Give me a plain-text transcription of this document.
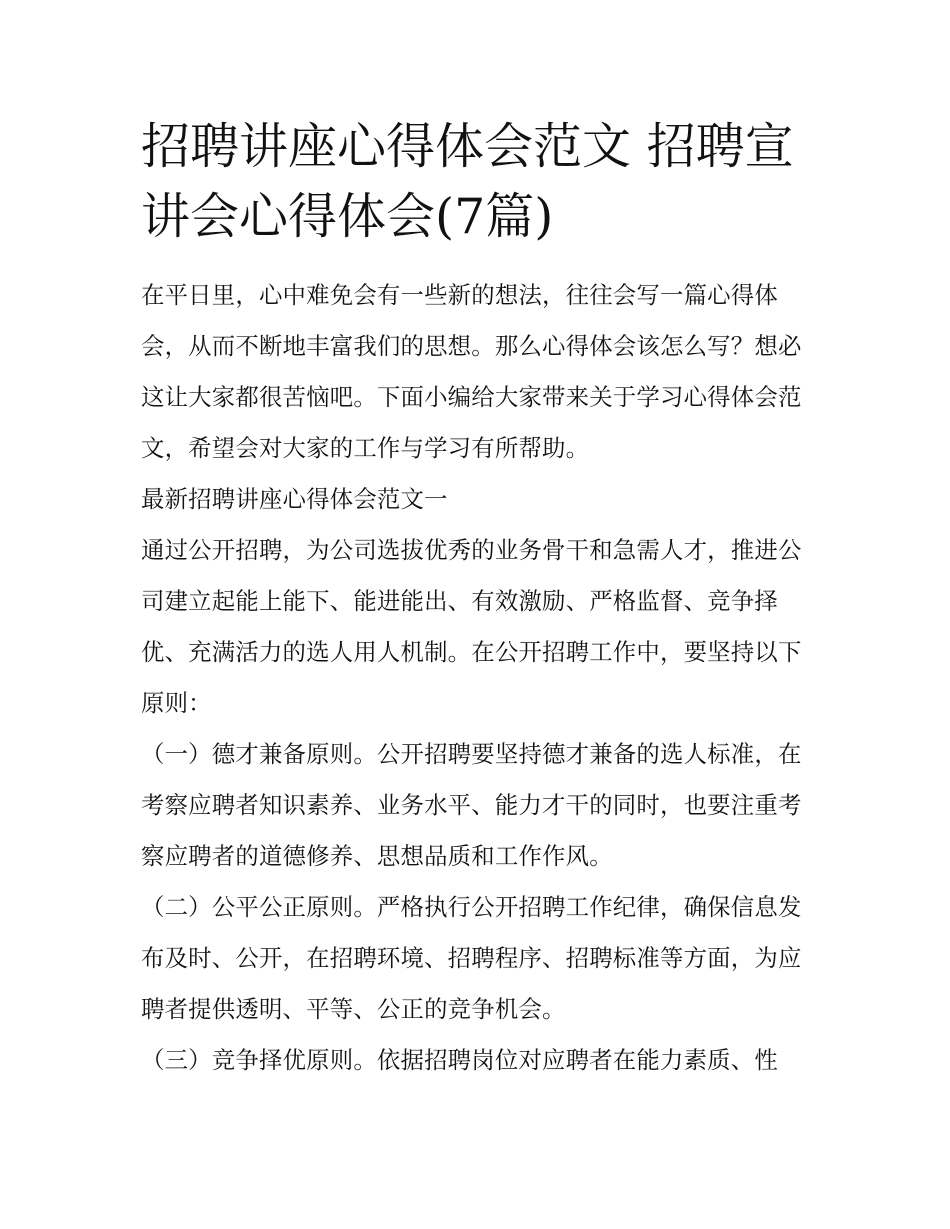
招聘讲座心得体会范文 招聘宣讲会心得体会(7篇)

在平日里，心中难免会有一些新的想法，往往会写一篇心得体会，从而不断地丰富我们的思想。那么心得体会该怎么写？想必这让大家都很苦恼吧。下面小编给大家带来关于学习心得体会范文，希望会对大家的工作与学习有所帮助。

最新招聘讲座心得体会范文一

通过公开招聘，为公司选拔优秀的业务骨干和急需人才，推进公司建立起能上能下、能进能出、有效激励、严格监督、竞争择优、充满活力的选人用人机制。在公开招聘工作中，要坚持以下原则：

（一）德才兼备原则。公开招聘要坚持德才兼备的选人标准，在考察应聘者知识素养、业务水平、能力才干的同时，也要注重考察应聘者的道德修养、思想品质和工作作风。

（二）公平公正原则。严格执行公开招聘工作纪律，确保信息发布及时、公开，在招聘环境、招聘程序、招聘标准等方面，为应聘者提供透明、平等、公正的竞争机会。

（三）竞争择优原则。依据招聘岗位对应聘者在能力素质、性
